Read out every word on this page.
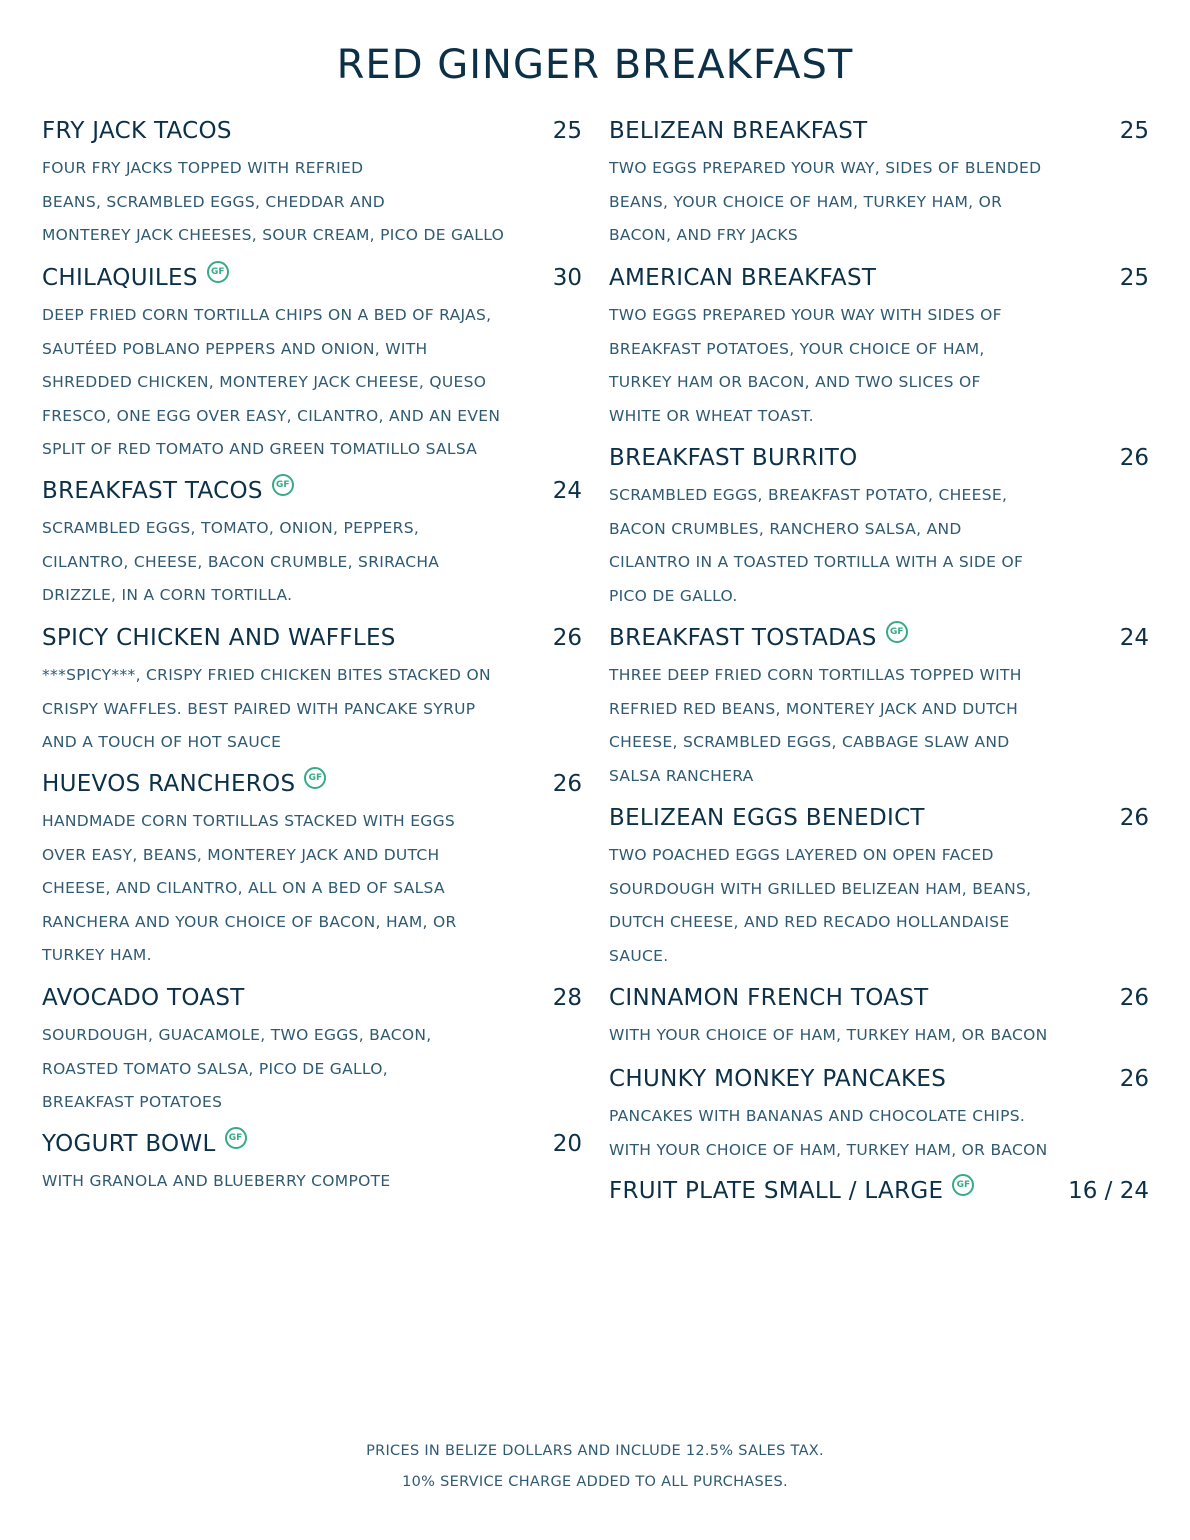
RED GINGER BREAKFAST
FRY JACK TACOS	25
FOUR FRY JACKS TOPPED WITH REFRIED
BEANS, SCRAMBLED EGGS, CHEDDAR AND
MONTEREY JACK CHEESES, SOUR CREAM, PICO DE GALLO
CHILAQUILES	30
GF
DEEP FRIED CORN TORTILLA CHIPS ON A BED OF RAJAS,
SAUTÉED POBLANO PEPPERS AND ONION, WITH
SHREDDED CHICKEN, MONTEREY JACK CHEESE, QUESO
FRESCO, ONE EGG OVER EASY, CILANTRO, AND AN EVEN
SPLIT OF RED TOMATO AND GREEN TOMATILLO SALSA
BREAKFAST TACOS	24
GF
SCRAMBLED EGGS, TOMATO, ONION, PEPPERS,
CILANTRO, CHEESE, BACON CRUMBLE, SRIRACHA
DRIZZLE, IN A CORN TORTILLA.
SPICY CHICKEN AND WAFFLES	26
***SPICY***, CRISPY FRIED CHICKEN BITES STACKED ON
CRISPY WAFFLES. BEST PAIRED WITH PANCAKE SYRUP
AND A TOUCH OF HOT SAUCE
HUEVOS RANCHEROS	26
GF
HANDMADE CORN TORTILLAS STACKED WITH EGGS
OVER EASY, BEANS, MONTEREY JACK AND DUTCH
CHEESE, AND CILANTRO, ALL ON A BED OF SALSA
RANCHERA AND YOUR CHOICE OF BACON, HAM, OR
TURKEY HAM.
AVOCADO TOAST	28
SOURDOUGH, GUACAMOLE, TWO EGGS, BACON,
ROASTED TOMATO SALSA, PICO DE GALLO,
BREAKFAST POTATOES
YOGURT BOWL	20
GF
WITH GRANOLA AND BLUEBERRY COMPOTE
BELIZEAN BREAKFAST	25
TWO EGGS PREPARED YOUR WAY, SIDES OF BLENDED
BEANS, YOUR CHOICE OF HAM, TURKEY HAM, OR
BACON, AND FRY JACKS
AMERICAN BREAKFAST	25
TWO EGGS PREPARED YOUR WAY WITH SIDES OF
BREAKFAST POTATOES, YOUR CHOICE OF HAM,
TURKEY HAM OR BACON, AND TWO SLICES OF
WHITE OR WHEAT TOAST.
BREAKFAST BURRITO	26
SCRAMBLED EGGS, BREAKFAST POTATO, CHEESE,
BACON CRUMBLES, RANCHERO SALSA, AND
CILANTRO IN A TOASTED TORTILLA WITH A SIDE OF
PICO DE GALLO.
BREAKFAST TOSTADAS	24
GF
THREE DEEP FRIED CORN TORTILLAS TOPPED WITH
REFRIED RED BEANS, MONTEREY JACK AND DUTCH
CHEESE, SCRAMBLED EGGS, CABBAGE SLAW AND
SALSA RANCHERA
BELIZEAN EGGS BENEDICT	26
TWO POACHED EGGS LAYERED ON OPEN FACED
SOURDOUGH WITH GRILLED BELIZEAN HAM, BEANS,
DUTCH CHEESE, AND RED RECADO HOLLANDAISE
SAUCE.
CINNAMON FRENCH TOAST	26
WITH YOUR CHOICE OF HAM, TURKEY HAM, OR BACON
CHUNKY MONKEY PANCAKES	26
PANCAKES WITH BANANAS AND CHOCOLATE CHIPS.
WITH YOUR CHOICE OF HAM, TURKEY HAM, OR BACON
FRUIT PLATE SMALL / LARGE	16 / 24
GF
PRICES IN BELIZE DOLLARS AND INCLUDE 12.5% SALES TAX.
10% SERVICE CHARGE ADDED TO ALL PURCHASES.
